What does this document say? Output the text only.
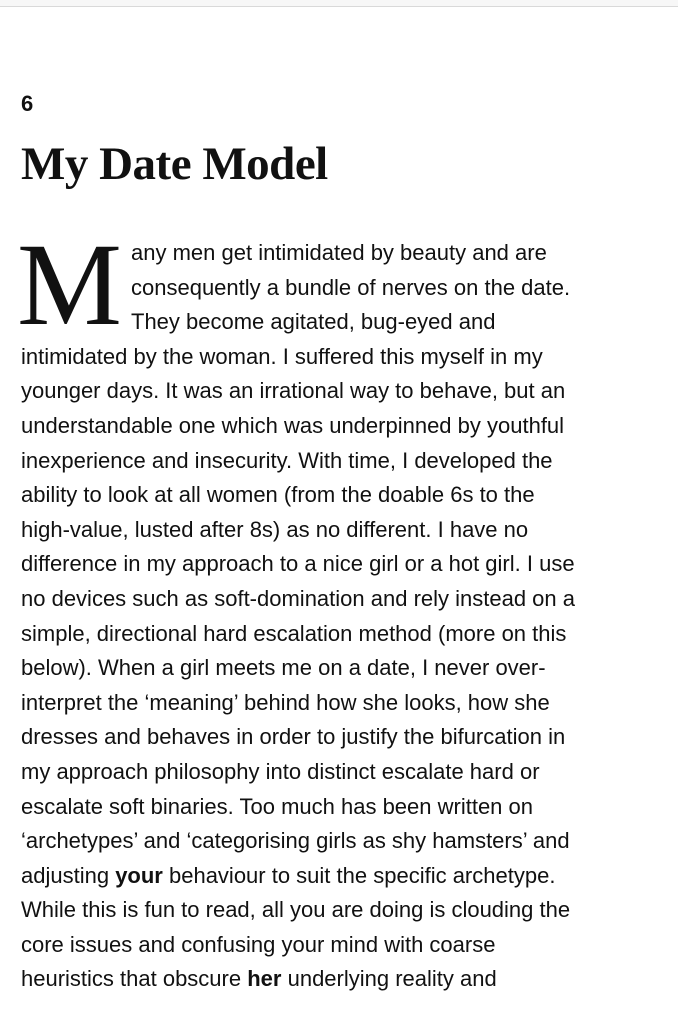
6
My Date Model
M any men get intimidated by beauty and are
consequently a bundle of nerves on the date.
They become agitated, bug-eyed and
intimidated by the woman. I suffered this myself in my
younger days. It was an irrational way to behave, but an
understandable one which was underpinned by youthful
inexperience and insecurity. With time, I developed the
ability to look at all women (from the doable 6s to the
high-value, lusted after 8s) as no different. I have no
difference in my approach to a nice girl or a hot girl. I use
no devices such as soft-domination and rely instead on a
simple, directional hard escalation method (more on this
below). When a girl meets me on a date, I never over-
interpret the ‘meaning’ behind how she looks, how she
dresses and behaves in order to justify the bifurcation in
my approach philosophy into distinct escalate hard or
escalate soft binaries. Too much has been written on
‘archetypes’ and ‘categorising girls as shy hamsters’ and
adjusting your behaviour to suit the specific archetype.
While this is fun to read, all you are doing is clouding the
core issues and confusing your mind with coarse
heuristics that obscure her underlying reality and
